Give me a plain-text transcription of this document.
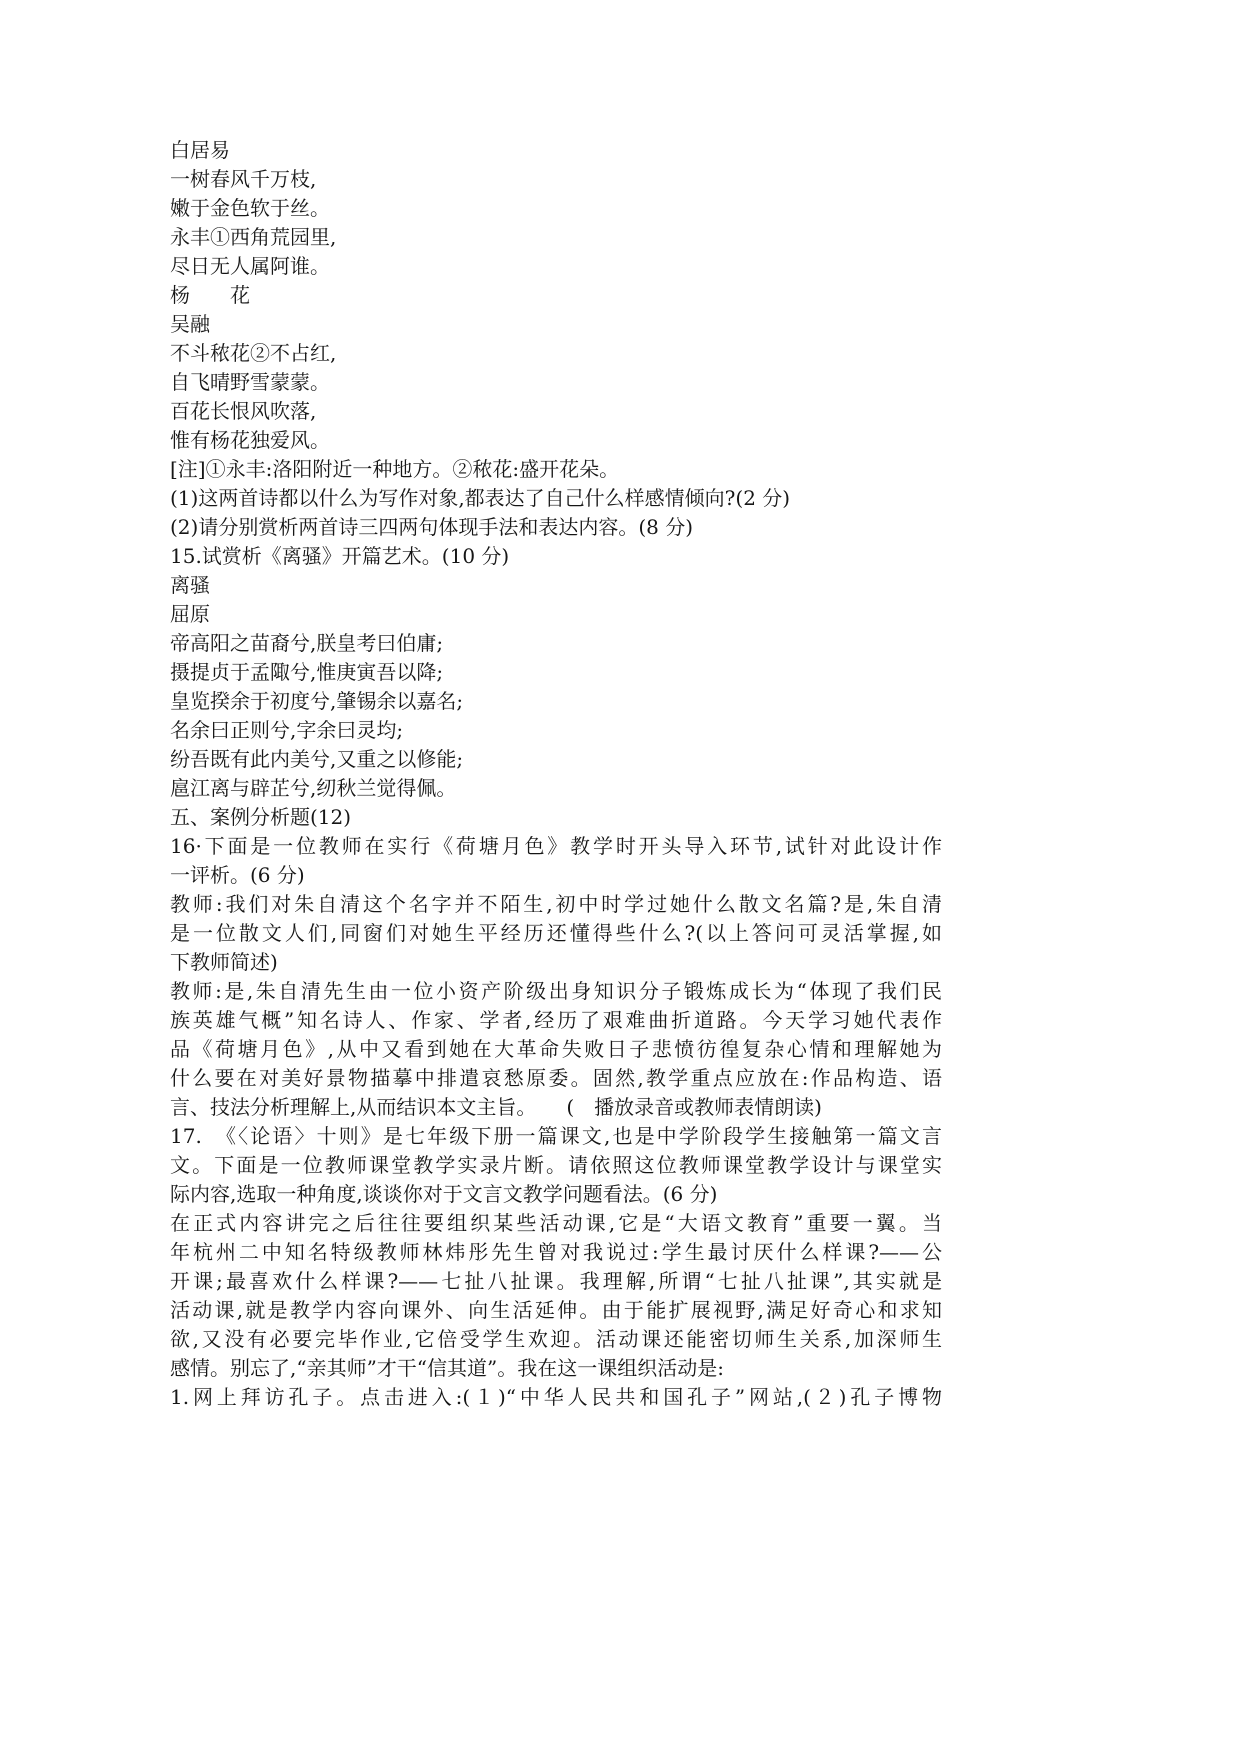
白居易
一树春风千万枝,
嫩于金色软于丝。
永丰①西角荒园里,
尽日无人属阿谁。
杨　　花
吴融
不斗秾花②不占红,
自飞晴野雪蒙蒙。
百花长恨风吹落,
惟有杨花独爱风。
[注]①永丰:洛阳附近一种地方。②秾花:盛开花朵。
(1)这两首诗都以什么为写作对象,都表达了自己什么样感情倾向?(2 分)
(2)请分别赏析两首诗三四两句体现手法和表达内容。(8 分)
15.试赏析《离骚》开篇艺术。(10 分)
离骚
屈原
帝高阳之苗裔兮,朕皇考曰伯庸;
摄提贞于孟陬兮,惟庚寅吾以降;
皇览揆余于初度兮,肇锡余以嘉名;
名余曰正则兮,字余曰灵均;
纷吾既有此内美兮,又重之以修能;
扈江离与辟芷兮,纫秋兰觉得佩。
五、案例分析题(12)
16·下面是一位教师在实行《荷塘月色》教学时开头导入环节,试针对此设计作
一评析。(6 分)
教师:我们对朱自清这个名字并不陌生,初中时学过她什么散文名篇?是,朱自清
是一位散文人们,同窗们对她生平经历还懂得些什么?(以上答问可灵活掌握,如
下教师简述)
教师:是,朱自清先生由一位小资产阶级出身知识分子锻炼成长为“体现了我们民
族英雄气概”知名诗人、作家、学者,经历了艰难曲折道路。今天学习她代表作
品《荷塘月色》,从中又看到她在大革命失败日子悲愤彷徨复杂心情和理解她为
什么要在对美好景物描摹中排遣哀愁原委。固然,教学重点应放在:作品构造、语
言、技法分析理解上,从而结识本文主旨。　　(　播放录音或教师表情朗读)
17.　《〈论语〉十则》是七年级下册一篇课文,也是中学阶段学生接触第一篇文言
文。下面是一位教师课堂教学实录片断。请依照这位教师课堂教学设计与课堂实
际内容,选取一种角度,谈谈你对于文言文教学问题看法。(6 分)
在正式内容讲完之后往往要组织某些活动课,它是“大语文教育”重要一翼。当
年杭州二中知名特级教师林炜彤先生曾对我说过:学生最讨厌什么样课?——公
开课;最喜欢什么样课?——七扯八扯课。我理解,所谓“七扯八扯课”,其实就是
活动课,就是教学内容向课外、向生活延伸。由于能扩展视野,满足好奇心和求知
欲,又没有必要完毕作业,它倍受学生欢迎。活动课还能密切师生关系,加深师生
感情。别忘了,“亲其师”才干“信其道”。我在这一课组织活动是:
1.网上拜访孔子。点击进入:(１)“中华人民共和国孔子”网站,(２)孔子博物
